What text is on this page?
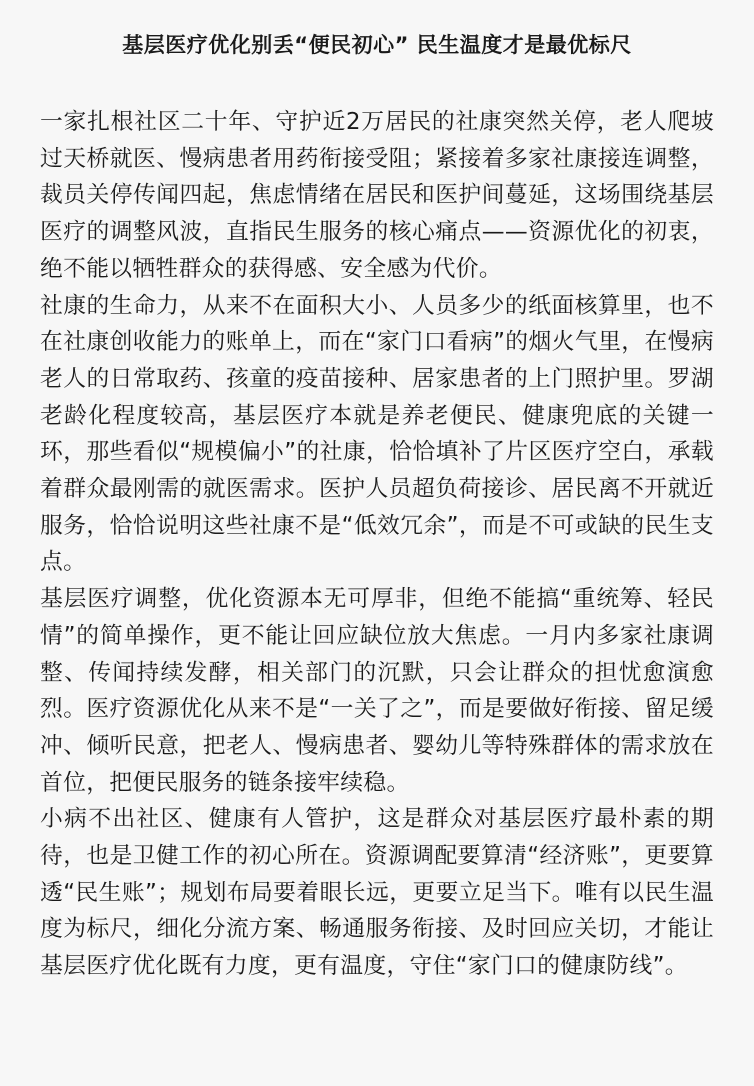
基层医疗优化别丢“便民初心” 民生温度才是最优标尺

一家扎根社区二十年、守护近2万居民的社康突然关停，老人爬坡过天桥就医、慢病患者用药衔接受阻；紧接着多家社康接连调整，裁员关停传闻四起，焦虑情绪在居民和医护间蔓延，这场围绕基层医疗的调整风波，直指民生服务的核心痛点——资源优化的初衷，绝不能以牺牲群众的获得感、安全感为代价。

社康的生命力，从来不在面积大小、人员多少的纸面核算里，也不在社康创收能力的账单上，而在“家门口看病”的烟火气里，在慢病老人的日常取药、孩童的疫苗接种、居家患者的上门照护里。罗湖老龄化程度较高，基层医疗本就是养老便民、健康兜底的关键一环，那些看似“规模偏小”的社康，恰恰填补了片区医疗空白，承载着群众最刚需的就医需求。医护人员超负荷接诊、居民离不开就近服务，恰恰说明这些社康不是“低效冗余”，而是不可或缺的民生支点。

基层医疗调整，优化资源本无可厚非，但绝不能搞“重统筹、轻民情”的简单操作，更不能让回应缺位放大焦虑。一月内多家社康调整、传闻持续发酵，相关部门的沉默，只会让群众的担忧愈演愈烈。医疗资源优化从来不是“一关了之”，而是要做好衔接、留足缓冲、倾听民意，把老人、慢病患者、婴幼儿等特殊群体的需求放在首位，把便民服务的链条接牢续稳。

小病不出社区、健康有人管护，这是群众对基层医疗最朴素的期待，也是卫健工作的初心所在。资源调配要算清“经济账”，更要算透“民生账”；规划布局要着眼长远，更要立足当下。唯有以民生温度为标尺，细化分流方案、畅通服务衔接、及时回应关切，才能让基层医疗优化既有力度，更有温度，守住“家门口的健康防线”。
